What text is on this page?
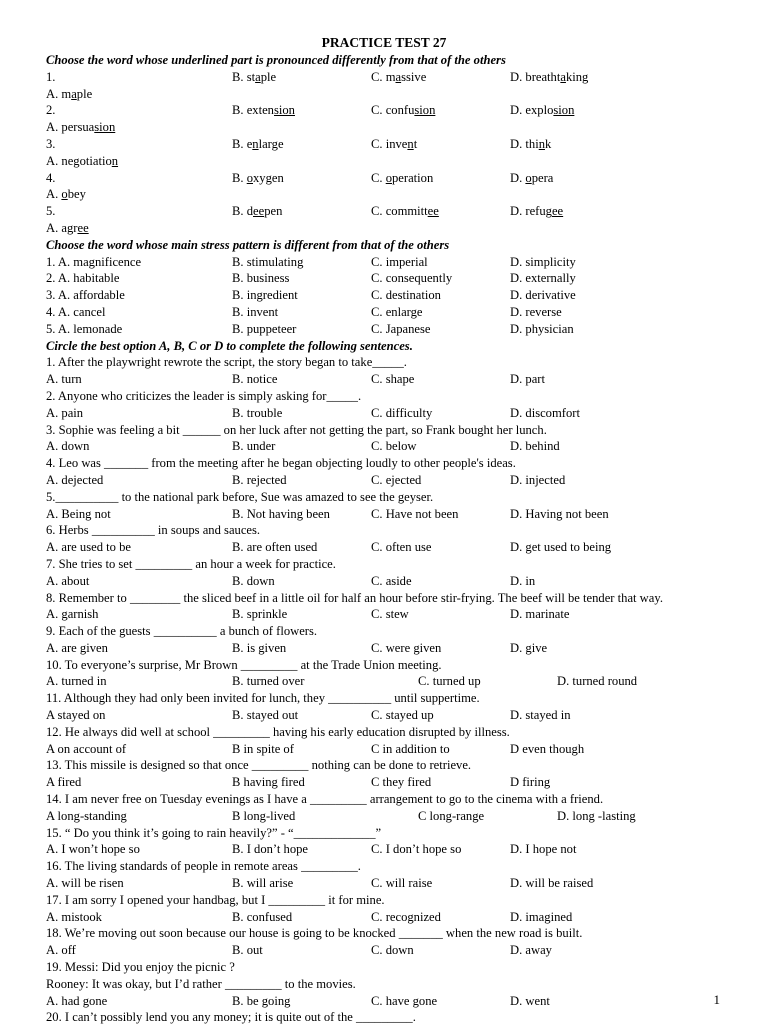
PRACTICE TEST 27
Choose the word whose underlined part is pronounced differently from that of the others
1.
A. maple
B. staple	C. massive	D. breathtaking
2.
A. persuasion
B. extension	C. confusion	D. explosion
3.
A. negotiation
B. enlarge	C. invent	D. think
4.
A. obey
B. oxygen	C. operation	D. opera
5.
A. agree
B. deepen	C. committee	D. refugee
Choose the word whose main stress pattern is different from that of the others
1. A. magnificence	B. stimulating	C. imperial	D. simplicity
2. A. habitable	B. business	C. consequently	D. externally
3. A. affordable	B. ingredient	C. destination	D. derivative
4. A. cancel	B. invent	C. enlarge	D. reverse
5. A. lemonade	B. puppeteer	C. Japanese	D. physician
Circle the best option A, B, C or D to complete the following sentences.
1. After the playwright rewrote the script, the story began to take_____.
A. turn	B. notice	C. shape	D. part
2. Anyone who criticizes the leader is simply asking for_____.
A. pain	B. trouble	C. difficulty	D. discomfort
3. Sophie was feeling a bit ______ on her luck after not getting the part, so Frank bought her lunch.
A. down	B. under	C. below	D. behind
4. Leo was _______ from the meeting after he began objecting loudly to other people's ideas.
A. dejected	B. rejected	C. ejected	D. injected
5.__________ to the national park before, Sue was amazed to see the geyser.
A. Being not	B. Not having been	C. Have not been	D. Having not been
6. Herbs __________ in soups and sauces.
A. are used to be	B. are often used	C. often use	D. get used to being
7. She tries to set _________ an hour a week for practice.
A. about	B. down	C. aside	D. in
8. Remember to ________ the sliced beef in a little oil for half an hour before stir-frying. The beef will be tender that way.
A. garnish	B. sprinkle	C. stew	D. marinate
9. Each of the guests __________ a bunch of flowers.
A. are given	B. is given	C. were given	D. give
10. To everyone’s surprise, Mr Brown _________ at the Trade Union meeting.
A. turned in	B. turned over	C. turned up	D. turned round
11. Although they had only been invited for lunch, they __________ until suppertime.
A stayed on	B. stayed out	C. stayed up	D. stayed in
12. He always did well at school _________ having his early education disrupted by illness.
A on account of	B in spite of	C in addition to	D even though
13. This missile is designed so that once _________ nothing can be done to retrieve.
A fired	B having fired	C they fired	D firing
14. I am never free on Tuesday evenings as I have a _________ arrangement to go to the cinema with a friend.
A long-standing	B long-lived	C long-range	D. long -lasting
15. “ Do you think it’s going to rain heavily?” - “_____________”
A. I won’t hope so	B. I don’t hope	C. I don’t hope so	D. I hope not
16. The living standards of people in remote areas _________.
A. will be risen	B. will arise	C. will raise	D. will be raised
17. I am sorry I opened your handbag, but I _________ it for mine.
A. mistook	B. confused	C. recognized	D. imagined
18. We’re moving out soon because our house is going to be knocked _______ when the new road is built.
A. off	B. out	C. down	D. away
19. Messi: Did you enjoy the picnic ?
Rooney: It was okay, but I’d rather _________ to the movies.
A. had gone	B. be going	C. have gone	D. went
20. I can’t possibly lend you any money; it is quite out of the _________.
1
